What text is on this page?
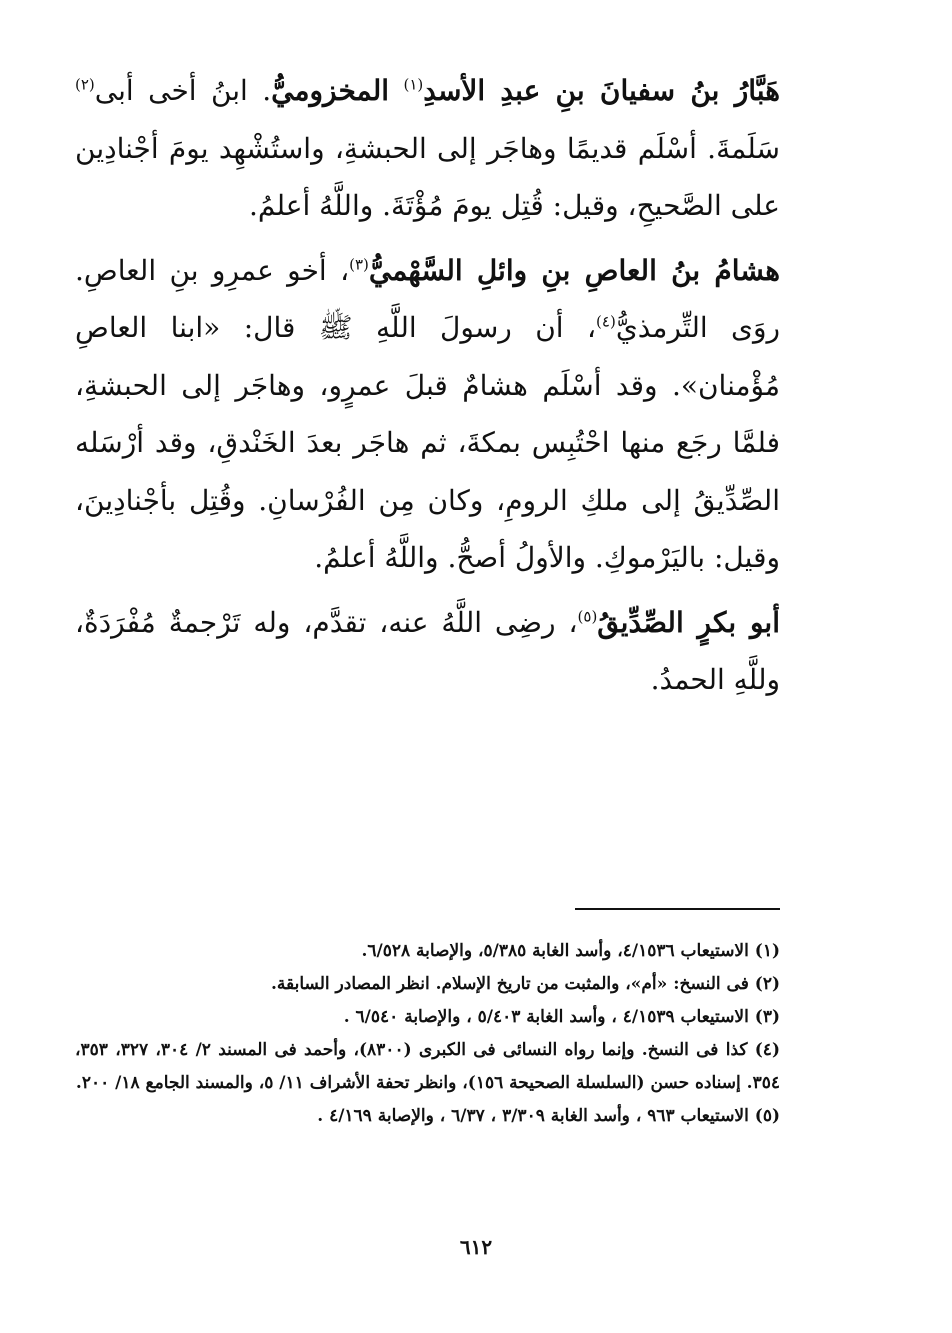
هَبَّارُ بنُ سفيانَ بنِ عبدِ الأسدِ$^{(١)}$ المخزوميُّ. ابنُ أخى أبى$^{(٢)}$ سَلَمةَ. أسْلَم قديمًا وهاجَر إلى الحبشةِ، واستُشْهِد يومَ أجْنادِين على الصَّحيحِ، وقيل: قُتِل يومَ مُؤْتَةَ. واللَّهُ أعلمُ.

هشامُ بنُ العاصِ بنِ وائلِ السَّهْميُّ$^{(٣)}$، أخو عمرِو بنِ العاصِ. روَى التِّرمذيُّ$^{(٤)}$، أن رسولَ اللَّهِ ﷺ قال: «ابنا العاصِ مُؤْمنان». وقد أسْلَم هشامٌ قبلَ عمرٍو، وهاجَر إلى الحبشةِ، فلمَّا رجَع منها احْتُبِس بمكةَ، ثم هاجَر بعدَ الخَنْدقِ، وقد أرْسَله الصِّدِّيقُ إلى ملكِ الرومِ، وكان مِن الفُرْسانِ. وقُتِل بأجْنادِينَ، وقيل: باليَرْموكِ. والأولُ أصحُّ. واللَّهُ أعلمُ.

أبو بكرٍ الصِّدِّيقُ$^{(٥)}$، رضِى اللَّهُ عنه، تقدَّم، وله تَرْجمةٌ مُفْرَدَةٌ، وللَّهِ الحمدُ.

(١) الاستيعاب ٤/١٥٣٦، وأسد الغابة ٥/٣٨٥، والإصابة ٦/٥٢٨.

(٢) فى النسخ: «أم»، والمثبت من تاريخ الإسلام. انظر المصادر السابقة.

(٣) الاستيعاب ٤/١٥٣٩ ، وأسد الغابة ٥/٤٠٣ ، والإصابة ٦/٥٤٠ .

(٤) كذا فى النسخ. وإنما رواه النسائى فى الكبرى (٨٣٠٠)، وأحمد فى المسند ٢/ ٣٠٤، ٣٢٧، ٣٥٣، ٣٥٤. إسناده حسن (السلسلة الصحيحة ١٥٦)، وانظر تحفة الأشراف ١١/ ٥، والمسند الجامع ١٨/ ٢٠٠.

(٥) الاستيعاب ٩٦٣ ، وأسد الغابة ٣/٣٠٩ ، ٦/٣٧ ، والإصابة ٤/١٦٩ .

٦١٢
